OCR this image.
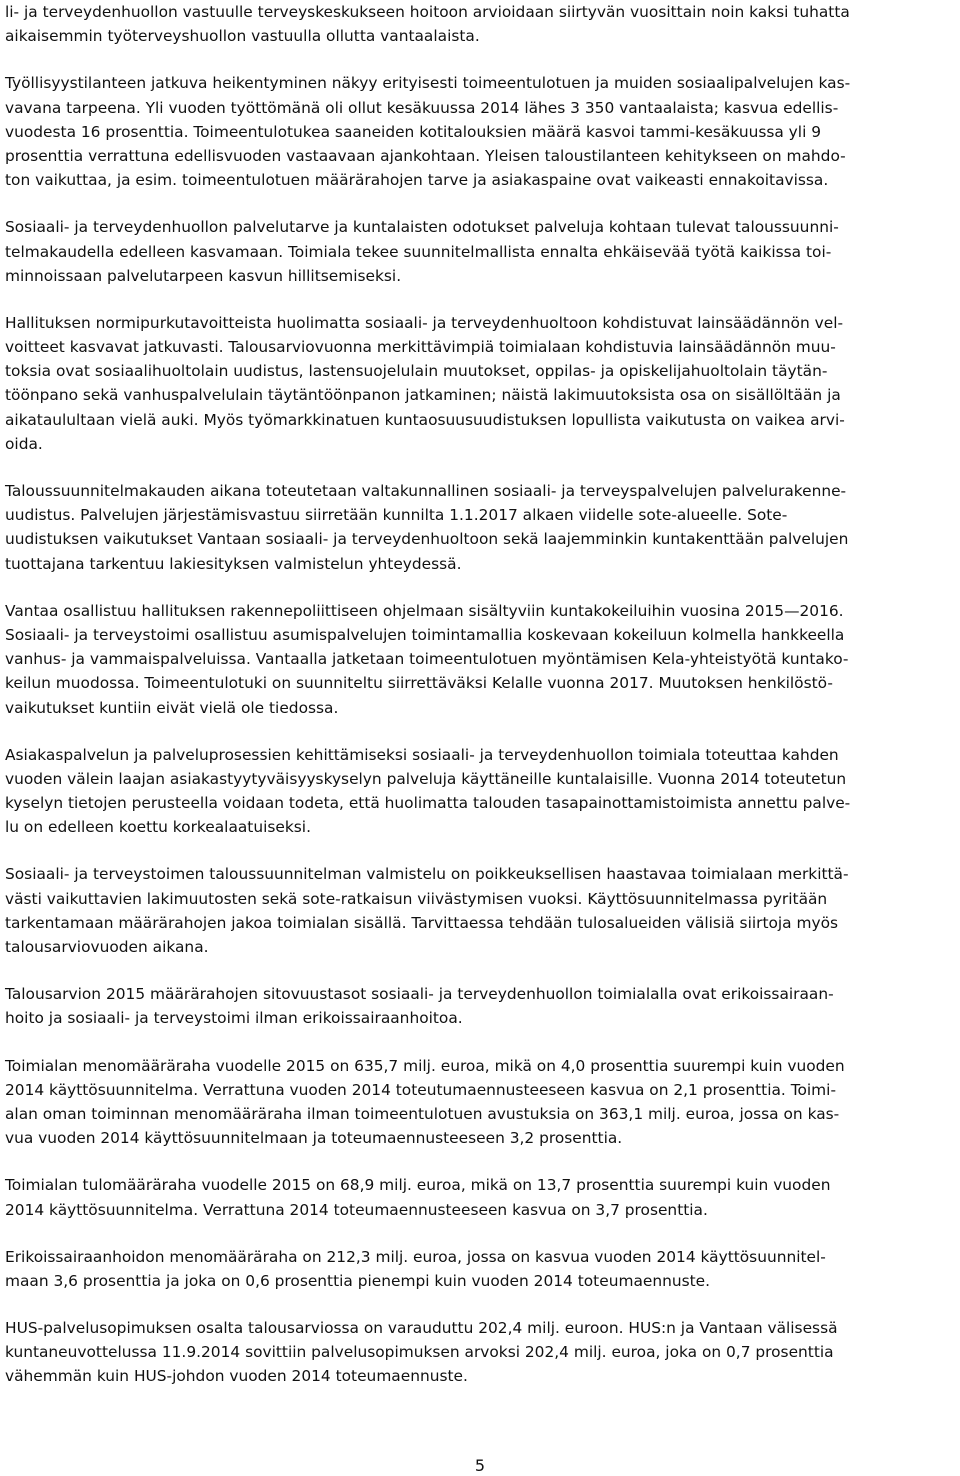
li- ja terveydenhuollon vastuulle terveyskeskukseen hoitoon arvioidaan siirtyvän vuosittain noin kaksi tuhatta
aikaisemmin työterveyshuollon vastuulla ollutta vantaalaista.
Työllisyystilanteen jatkuva heikentyminen näkyy erityisesti toimeentulotuen ja muiden sosiaalipalvelujen kas-
vavana tarpeena. Yli vuoden työttömänä oli ollut kesäkuussa 2014 lähes 3 350 vantaalaista; kasvua edellis-
vuodesta 16 prosenttia. Toimeentulotukea saaneiden kotitalouksien määrä kasvoi tammi-kesäkuussa yli 9
prosenttia verrattuna edellisvuoden vastaavaan ajankohtaan. Yleisen taloustilanteen kehitykseen on mahdo-
ton vaikuttaa, ja esim. toimeentulotuen määrärahojen tarve ja asiakaspaine ovat vaikeasti ennakoitavissa.
Sosiaali- ja terveydenhuollon palvelutarve ja kuntalaisten odotukset palveluja kohtaan tulevat taloussuunni-
telmakaudella edelleen kasvamaan. Toimiala tekee suunnitelmallista ennalta ehkäisevää työtä kaikissa toi-
minnoissaan palvelutarpeen kasvun hillitsemiseksi.
Hallituksen normipurkutavoitteista huolimatta sosiaali- ja terveydenhuoltoon kohdistuvat lainsäädännön vel-
voitteet kasvavat jatkuvasti. Talousarviovuonna merkittävimpiä toimialaan kohdistuvia lainsäädännön muu-
toksia ovat sosiaalihuoltolain uudistus, lastensuojelulain muutokset, oppilas- ja opiskelijahuoltolain täytän-
töönpano sekä vanhuspalvelulain täytäntöönpanon jatkaminen; näistä lakimuutoksista osa on sisällöltään ja
aikataulultaan vielä auki. Myös työmarkkinatuen kuntaosuusuudistuksen lopullista vaikutusta on vaikea arvi-
oida.
Taloussuunnitelmakauden aikana toteutetaan valtakunnallinen sosiaali- ja terveyspalvelujen palvelurakenne-
uudistus. Palvelujen järjestämisvastuu siirretään kunnilta 1.1.2017 alkaen viidelle sote-alueelle. Sote-
uudistuksen vaikutukset Vantaan sosiaali- ja terveydenhuoltoon sekä laajemminkin kuntakenttään palvelujen
tuottajana tarkentuu lakiesityksen valmistelun yhteydessä.
Vantaa osallistuu hallituksen rakennepoliittiseen ohjelmaan sisältyviin kuntakokeiluihin vuosina 2015—2016.
Sosiaali- ja terveystoimi osallistuu asumispalvelujen toimintamallia koskevaan kokeiluun kolmella hankkeella
vanhus- ja vammaispalveluissa. Vantaalla jatketaan toimeentulotuen myöntämisen Kela-yhteistyötä kuntako-
keilun muodossa. Toimeentulotuki on suunniteltu siirrettäväksi Kelalle vuonna 2017. Muutoksen henkilöstö-
vaikutukset kuntiin eivät vielä ole tiedossa.
Asiakaspalvelun ja palveluprosessien kehittämiseksi sosiaali- ja terveydenhuollon toimiala toteuttaa kahden
vuoden välein laajan asiakastyytyväisyyskyselyn palveluja käyttäneille kuntalaisille. Vuonna 2014 toteutetun
kyselyn tietojen perusteella voidaan todeta, että huolimatta talouden tasapainottamistoimista annettu palve-
lu on edelleen koettu korkealaatuiseksi.
Sosiaali- ja terveystoimen taloussuunnitelman valmistelu on poikkeuksellisen haastavaa toimialaan merkittä-
västi vaikuttavien lakimuutosten sekä sote-ratkaisun viivästymisen vuoksi. Käyttösuunnitelmassa pyritään
tarkentamaan määrärahojen jakoa toimialan sisällä. Tarvittaessa tehdään tulosalueiden välisiä siirtoja myös
talousarviovuoden aikana.
Talousarvion 2015 määrärahojen sitovuustasot sosiaali- ja terveydenhuollon toimialalla ovat erikoissairaan-
hoito ja sosiaali- ja terveystoimi ilman erikoissairaanhoitoa.
Toimialan menomääräraha vuodelle 2015 on 635,7 milj. euroa, mikä on 4,0 prosenttia suurempi kuin vuoden
2014 käyttösuunnitelma. Verrattuna vuoden 2014 toteutumaennusteeseen kasvua on 2,1 prosenttia. Toimi-
alan oman toiminnan menomääräraha ilman toimeentulotuen avustuksia on 363,1 milj. euroa, jossa on kas-
vua vuoden 2014 käyttösuunnitelmaan ja toteumaennusteeseen 3,2 prosenttia.
Toimialan tulomääräraha vuodelle 2015 on 68,9 milj. euroa, mikä on 13,7 prosenttia suurempi kuin vuoden
2014 käyttösuunnitelma. Verrattuna 2014 toteumaennusteeseen kasvua on 3,7 prosenttia.
Erikoissairaanhoidon menomääräraha on 212,3 milj. euroa, jossa on kasvua vuoden 2014 käyttösuunnitel-
maan 3,6 prosenttia ja joka on 0,6 prosenttia pienempi kuin vuoden 2014 toteumaennuste.
HUS-palvelusopimuksen osalta talousarviossa on varauduttu 202,4 milj. euroon. HUS:n ja Vantaan välisessä
kuntaneuvottelussa 11.9.2014 sovittiin palvelusopimuksen arvoksi 202,4 milj. euroa, joka on 0,7 prosenttia
vähemmän kuin HUS-johdon vuoden 2014 toteumaennuste.
5
